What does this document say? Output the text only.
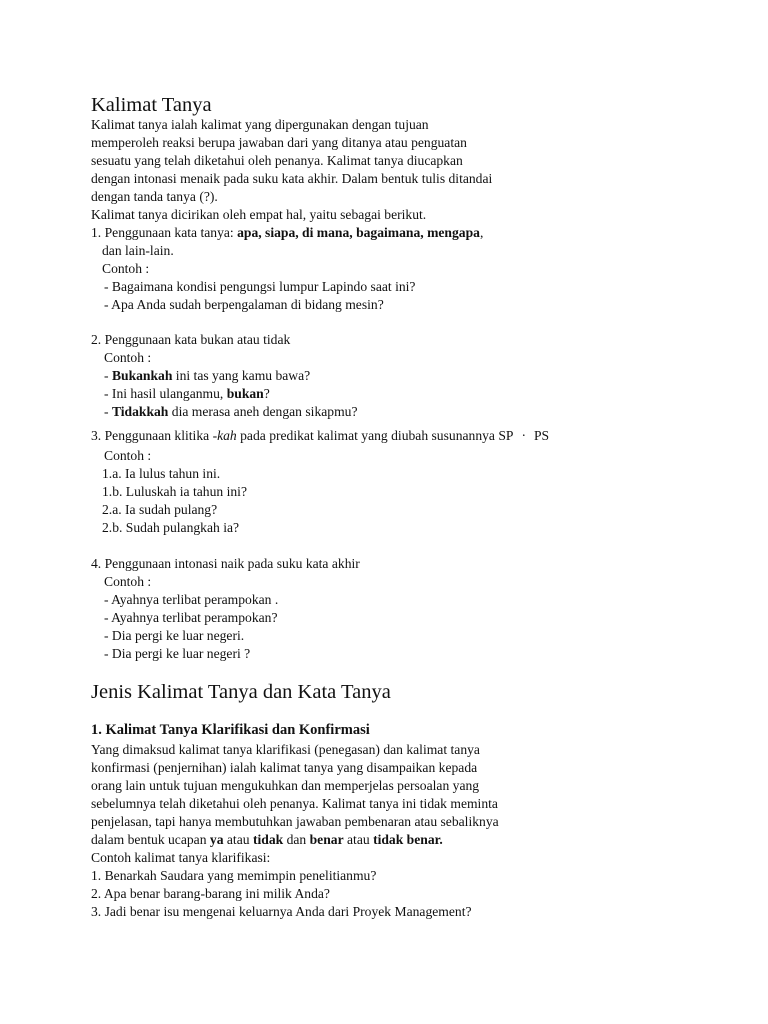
Kalimat Tanya
Kalimat tanya ialah kalimat yang dipergunakan dengan tujuan
memperoleh reaksi berupa jawaban dari yang ditanya atau penguatan
sesuatu yang telah diketahui oleh penanya. Kalimat tanya diucapkan
dengan intonasi menaik pada suku kata akhir. Dalam bentuk tulis ditandai
dengan tanda tanya (?).
Kalimat tanya dicirikan oleh empat hal, yaitu sebagai berikut.
1. Penggunaan kata tanya: apa, siapa, di mana, bagaimana, mengapa,
dan lain-lain.
Contoh :
- Bagaimana kondisi pengungsi lumpur Lapindo saat ini?
- Apa Anda sudah berpengalaman di bidang mesin?
2. Penggunaan kata bukan atau tidak
Contoh :
- Bukankah ini tas yang kamu bawa?
- Ini hasil ulanganmu, bukan?
- Tidakkah dia merasa aneh dengan sikapmu?
3. Penggunaan klitika -kah pada predikat kalimat yang diubah susunannya SP · PS
Contoh :
1.a. Ia lulus tahun ini.
1.b. Luluskah ia tahun ini?
2.a. Ia sudah pulang?
2.b. Sudah pulangkah ia?
4. Penggunaan intonasi naik pada suku kata akhir
Contoh :
- Ayahnya terlibat perampokan .
- Ayahnya terlibat perampokan?
- Dia pergi ke luar negeri.
- Dia pergi ke luar negeri ?
Jenis Kalimat Tanya dan Kata Tanya
1. Kalimat Tanya Klarifikasi dan Konfirmasi
Yang dimaksud kalimat tanya klarifikasi (penegasan) dan kalimat tanya
konfirmasi (penjernihan) ialah kalimat tanya yang disampaikan kepada
orang lain untuk tujuan mengukuhkan dan memperjelas persoalan yang
sebelumnya telah diketahui oleh penanya. Kalimat tanya ini tidak meminta
penjelasan, tapi hanya membutuhkan jawaban pembenaran atau sebaliknya
dalam bentuk ucapan ya atau tidak dan benar atau tidak benar.
Contoh kalimat tanya klarifikasi:
1. Benarkah Saudara yang memimpin penelitianmu?
2. Apa benar barang-barang ini milik Anda?
3. Jadi benar isu mengenai keluarnya Anda dari Proyek Management?
